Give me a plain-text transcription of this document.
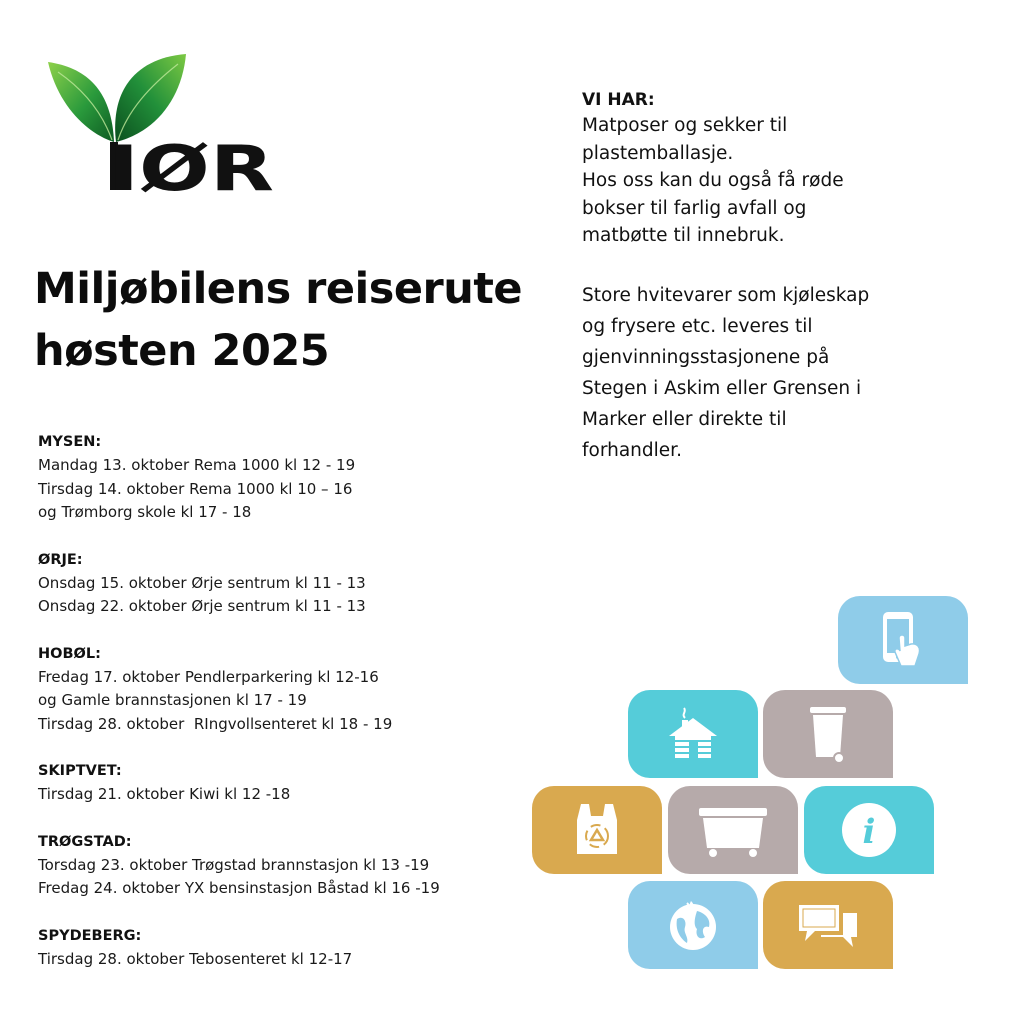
IØR
Miljøbilens reiserute
høsten 2025
MYSEN:
Mandag 13. oktober Rema 1000 kl 12 - 19
Tirsdag 14. oktober Rema 1000 kl 10 – 16
og Trømborg skole kl 17 - 18
ØRJE:
Onsdag 15. oktober Ørje sentrum kl 11 - 13
Onsdag 22. oktober Ørje sentrum kl 11 - 13
HOBØL:
Fredag 17. oktober Pendlerparkering kl 12-16
og Gamle brannstasjonen kl 17 - 19
Tirsdag 28. oktober  RIngvollsenteret kl 18 - 19
SKIPTVET:
Tirsdag 21. oktober Kiwi kl 12 -18
TRØGSTAD:
Torsdag 23. oktober Trøgstad brannstasjon kl 13 -19
Fredag 24. oktober YX bensinstasjon Båstad kl 16 -19
SPYDEBERG:
Tirsdag 28. oktober Tebosenteret kl 12-17
VI HAR:
Matposer og sekker til
plastemballasje.
Hos oss kan du også få røde
bokser til farlig avfall og
matbøtte til innebruk.
Store hvitevarer som kjøleskap
og frysere etc. leveres til
gjenvinningsstasjonene på
Stegen i Askim eller Grensen i
Marker eller direkte til
forhandler.
i
